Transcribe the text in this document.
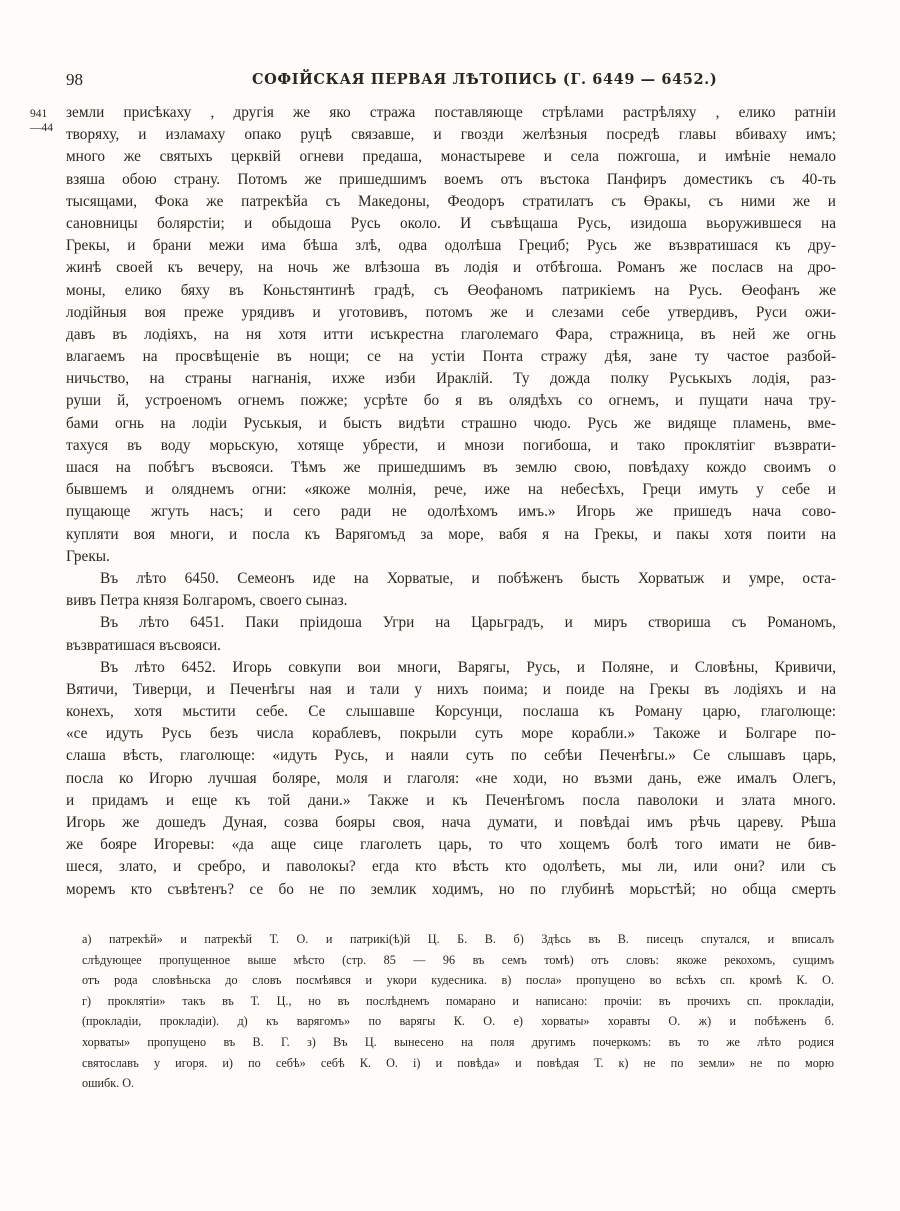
98	СОФІЙСКАЯ ПЕРВАЯ ЛѢТОПИСЬ (Г. 6449 — 6452.)
941
—44
земли присѣкаху , другія же яко стража поставляюще стрѣлами растрѣляху , елико ратніи
творяху, и изламаху опако руцѣ связавше, и гвозди желѣзныя посредѣ главы вбиваху имъ;
много же святыхъ церквій огневи предаша, монастыреве и села пожгоша, и имѣніе немало
взяша обою страну. Потомъ же пришедшимъ воемъ отъ въстока Панфиръ доместикъ съ 40-ть
тысящами, Фока же патрекѣйа съ Македоны, Феодоръ стратилатъ съ Өракы, съ ними же и
сановницы болярстіи; и обыдоша Русь около. И съвѣщаша Русь, изидоша вьоружившеся на
Грекы, и брани межи има бѣша злѣ, одва одолѣша Грециб; Русь же възвратишася къ дру-
жинѣ своей къ вечеру, на ночь же влѣзоша въ лодія и отбѣгоша. Романъ же посласв на дро-
моны, елико бяху въ Коньстянтинѣ градѣ, съ Өеофаномъ патрикіемъ на Русь. Өеофанъ же
лодійныя воя преже урядивъ и уготовивъ, потомъ же и слезами себе утвердивъ, Руси ожи-
давъ въ лодіяхъ, на ня хотя итти исъкрестна глаголемаго Фара, стражница, въ ней же огнь
влагаемъ на просвѣщеніе въ нощи; се на устіи Понта стражу дѣя, зане ту частое разбой-
ничьство, на страны нагнанія, ихже изби Ираклій. Ту дожда полку Руськыхъ лодія, раз-
руши й, устроеномъ огнемъ пожже; усрѣте бо я въ олядѣхъ со огнемъ, и пущати нача тру-
бами огнь на лодіи Руськыя, и бысть видѣти страшно чюдо. Русь же видяще пламень, вме-
тахуся въ воду морьскую, хотяще убрести, и мнози погибоша, и тако проклятіиг възврати-
шася на побѣгъ въсвояси. Тѣмъ же пришедшимъ въ землю свою, повѣдаху кождо своимъ о
бывшемъ и оляднемъ огни: «якоже молнія, рече, иже на небесѣхъ, Греци имуть у себе и
пущающе жгуть насъ; и сего ради не одолѣхомъ имъ.» Игорь же пришедъ нача сово-
купляти воя многи, и посла къ Варягомъд за море, вабя я на Грекы, и пакы хотя поити на
Грекы.
Въ лѣто 6450. Семеонъ иде на Хорватые, и побѣженъ бысть Хорватыж и умре, оста-
вивъ Петра князя Болгаромъ, своего сыназ.
Въ лѣто 6451. Паки пріидоша Угри на Царьградъ, и миръ створиша съ Романомъ,
възвратишася въсвояси.
Въ лѣто 6452. Игорь совкупи вои многи, Варягы, Русь, и Поляне, и Словѣны, Кривичи,
Вятичи, Тиверци, и Печенѣгы ная и тали у нихъ поима; и поиде на Грекы въ лодіяхъ и на
конехъ, хотя мьстити себе. Се слышавше Корсунци, послаша къ Роману царю, глаголюще:
«се идуть Русь безъ числа кораблевъ, покрыли суть море корабли.» Такоже и Болгаре по-
слаша вѣсть, глаголюще: «идуть Русь, и наяли суть по себѣи Печенѣгы.» Се слышавъ царь,
посла ко Игорю лучшая боляре, моля и глаголя: «не ходи, но възми дань, еже ималъ Олегъ,
и придамъ и еще къ той дани.» Также и къ Печенѣгомъ посла паволоки и злата много.
Игорь же дошедъ Дуная, созва бояры своя, нача думати, и повѣдаі имъ рѣчь цареву. Рѣша
же бояре Игоревы: «да аще сице глаголеть царь, то что хощемъ болѣ того имати не бив-
шеся, злато, и сребро, и паволокы? егда кто вѣсть кто одолѣеть, мы ли, или они? или съ
моремъ кто съвѣтенъ? се бо не по землик ходимъ, но по глубинѣ морьстѣй; но обща смерть
а) патрекѣй» и патрекѣй Т. О. и патрикі(ѣ)й Ц. Б. В. б) Здѣсь въ В. писецъ спутался, и вписалъ
слѣдующее пропущенное выше мѣсто (стр. 85 — 96 въ семъ томѣ) отъ словъ: якоже рекохомъ, сущимъ
отъ рода словѣньска до словъ посмѣявся и укори кудесника. в) посла» пропущено во всѣхъ сп. кромѣ К. О.
г) проклятіи» такъ въ Т. Ц., но въ послѣднемъ помарано и написано: прочіи: въ прочихъ сп. прокладіи,
(прокладіи, прокладіи). д) къ варягомъ» по варягы К. О. е) хорваты» хоравты О. ж) и побѣженъ б.
хорваты» пропущено въ В. Г. з) Въ Ц. вынесено на поля другимъ почеркомъ: въ то же лѣто родися
святославъ у игоря. и) по себѣ» себѣ К. О. і) и повѣда» и повѣдая Т. к) не по земли» не по морю
ошибк. О.
